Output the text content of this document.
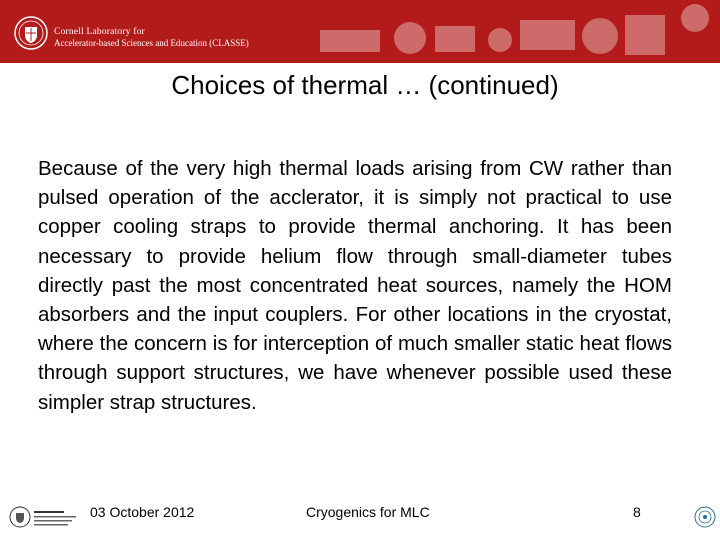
Cornell Laboratory for
Accelerator-based Sciences and Education (CLASSE)
Choices of thermal … (continued)
Because of the very high thermal loads arising from CW rather than pulsed operation of the acclerator, it is simply not practical to use copper cooling straps to provide thermal anchoring. It has been necessary to provide helium flow through small-diameter tubes directly past the most concentrated heat sources, namely the HOM absorbers and the input couplers. For other locations in the cryostat, where the concern is for interception of much smaller static heat flows through support structures, we have whenever possible used these simpler strap structures.
03 October 2012	Cryogenics for MLC	8
